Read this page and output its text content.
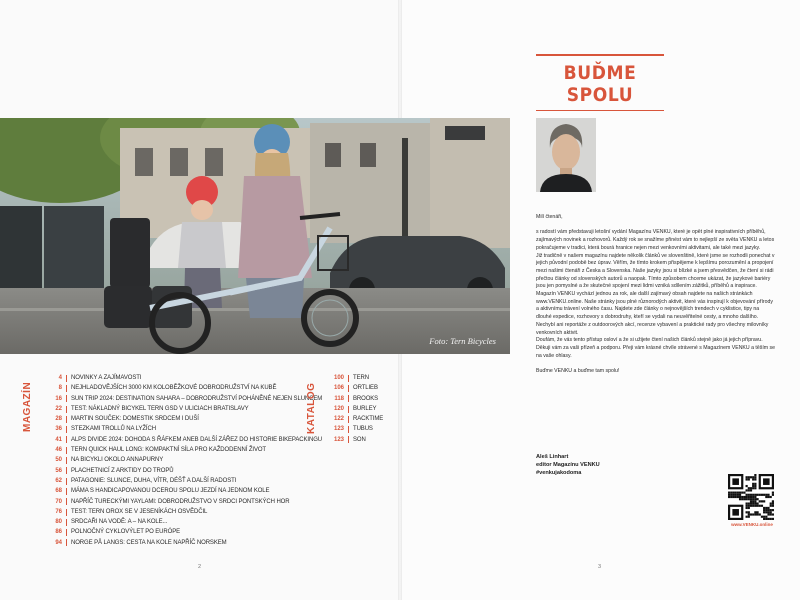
Foto: Tern Bicycles
MAGAZÍN
4	NOVINKY A ZAJÍMAVOSTI
8	NEJHLADOVĚJŠÍCH 3000 KM KOLOBĚŽKOVÉ DOBRODRUŽSTVÍ NA KUBĚ
16	SUN TRIP 2024: DESTINATION SAHARA – DOBRODRUŽSTVÍ POHÁNĚNÉ NEJEN SLUNCEM
22	TEST: NÁKLADNÝ BICYKEL TERN GSD V ULICIACH BRATISLAVY
28	MARTIN SOUČEK: DOMESTIK SRDCEM I DUŠÍ
36	STEZKAMI TROLLŮ NA LYŽÍCH
41	ALPS DIVIDE 2024: DOHODA S ŘÁFKEM ANEB DALŠÍ ZÁŘEZ DO HISTORIE BIKEPACKINGU
46	TERN QUICK HAUL LONG: KOMPAKTNÍ SÍLA PRO KAŽDODENNÍ ŽIVOT
50	NA BICYKLI OKOLO ANNAPURNY
56	PLACHETNICÍ Z ARKTIDY DO TROPŮ
62	PATAGONIE: SLUNCE, DUHA, VÍTR, DÉŠŤ A DALŠÍ RADOSTI
68	MÁMA S HANDICAPOVANOU DCEROU SPOLU JEZDÍ NA JEDNOM KOLE
70	NAPŘÍČ TURECKÝMI YAYLAMI: DOBRODRUŽSTVO V SRDCI PONTSKÝCH HOR
76	TEST: TERN OROX SE V JESENÍKÁCH OSVĚDČIL
80	SRDCAŘI NA VODĚ: A – NA KOLE...
86	POLNOČNÝ CYKLOVÝLET PO EURÓPE
94	NORGE PÅ LANGS: CESTA NA KOLE NAPŘÍČ NORSKEM
KATALOG
100	TERN
106	ORTLIEB
118	BROOKS
120	BURLEY
122	RACKTIME
123	TUBUS
123	SON
2	3
BUĎME SPOLU

Milí čtenáři,

s radostí vám představuji letošní vydání Magazínu VENKU, které je opět plné inspirativních příběhů, zajímavých novinek a rozhovorů. Každý rok se snažíme přinést vám to nejlepší ze světa VENKU a letos pokračujeme v tradici, která bourá hranice nejen mezi venkovními aktivitami, ale také mezi jazyky.

Již tradičně v našem magazínu najdete několik článků ve slovenštině, které jsme se rozhodli ponechat v jejich původní podobě bez úprav. Věřím, že tímto krokem přispějeme k lepšímu porozumění a propojení mezi našimi čtenáři z Česka a Slovenska. Naše jazyky jsou si blízké a jsem přesvědčen, že čtení si rádi přečtou články od slovenských autorů a naopak. Tímto způsobem chceme ukázat, že jazykové bariéry jsou jen pomyslné a že skutečné spojení mezi lidmi vzniká sdílením zážitků, příběhů a inspirace.

Magazín VENKU vychází jednou za rok, ale další zajímavý obsah najdete na našich stránkách www.VENKU.online. Naše stránky jsou plné různorodých aktivit, které vás inspirují k objevování přírody a aktivnímu trávení volného času. Najdete zde články o nejnovějších trendech v cyklistice, tipy na dlouhé expedice, rozhovory s dobrodruhy, kteří se vydali na neuvěřitelné cesty, a mnoho dalšího. Nechybí ani reportáže z outdoorových akcí, recenze vybavení a praktické rady pro všechny milovníky venkovních aktivit.

Doufám, že vás tento přístup osloví a že si užijete čtení našich článků stejně jako já jejich přípravu. Děkuji vám za vaši přízeň a podporu. Přeji vám krásné chvíle strávené s Magazínem VENKU a těším se na vaše ohlasy.

Buďme VENKU a buďme tam spolu!

Aleš Linhart
editor Magazínu VENKU
#venkujakodoma
www.VENKU.online
